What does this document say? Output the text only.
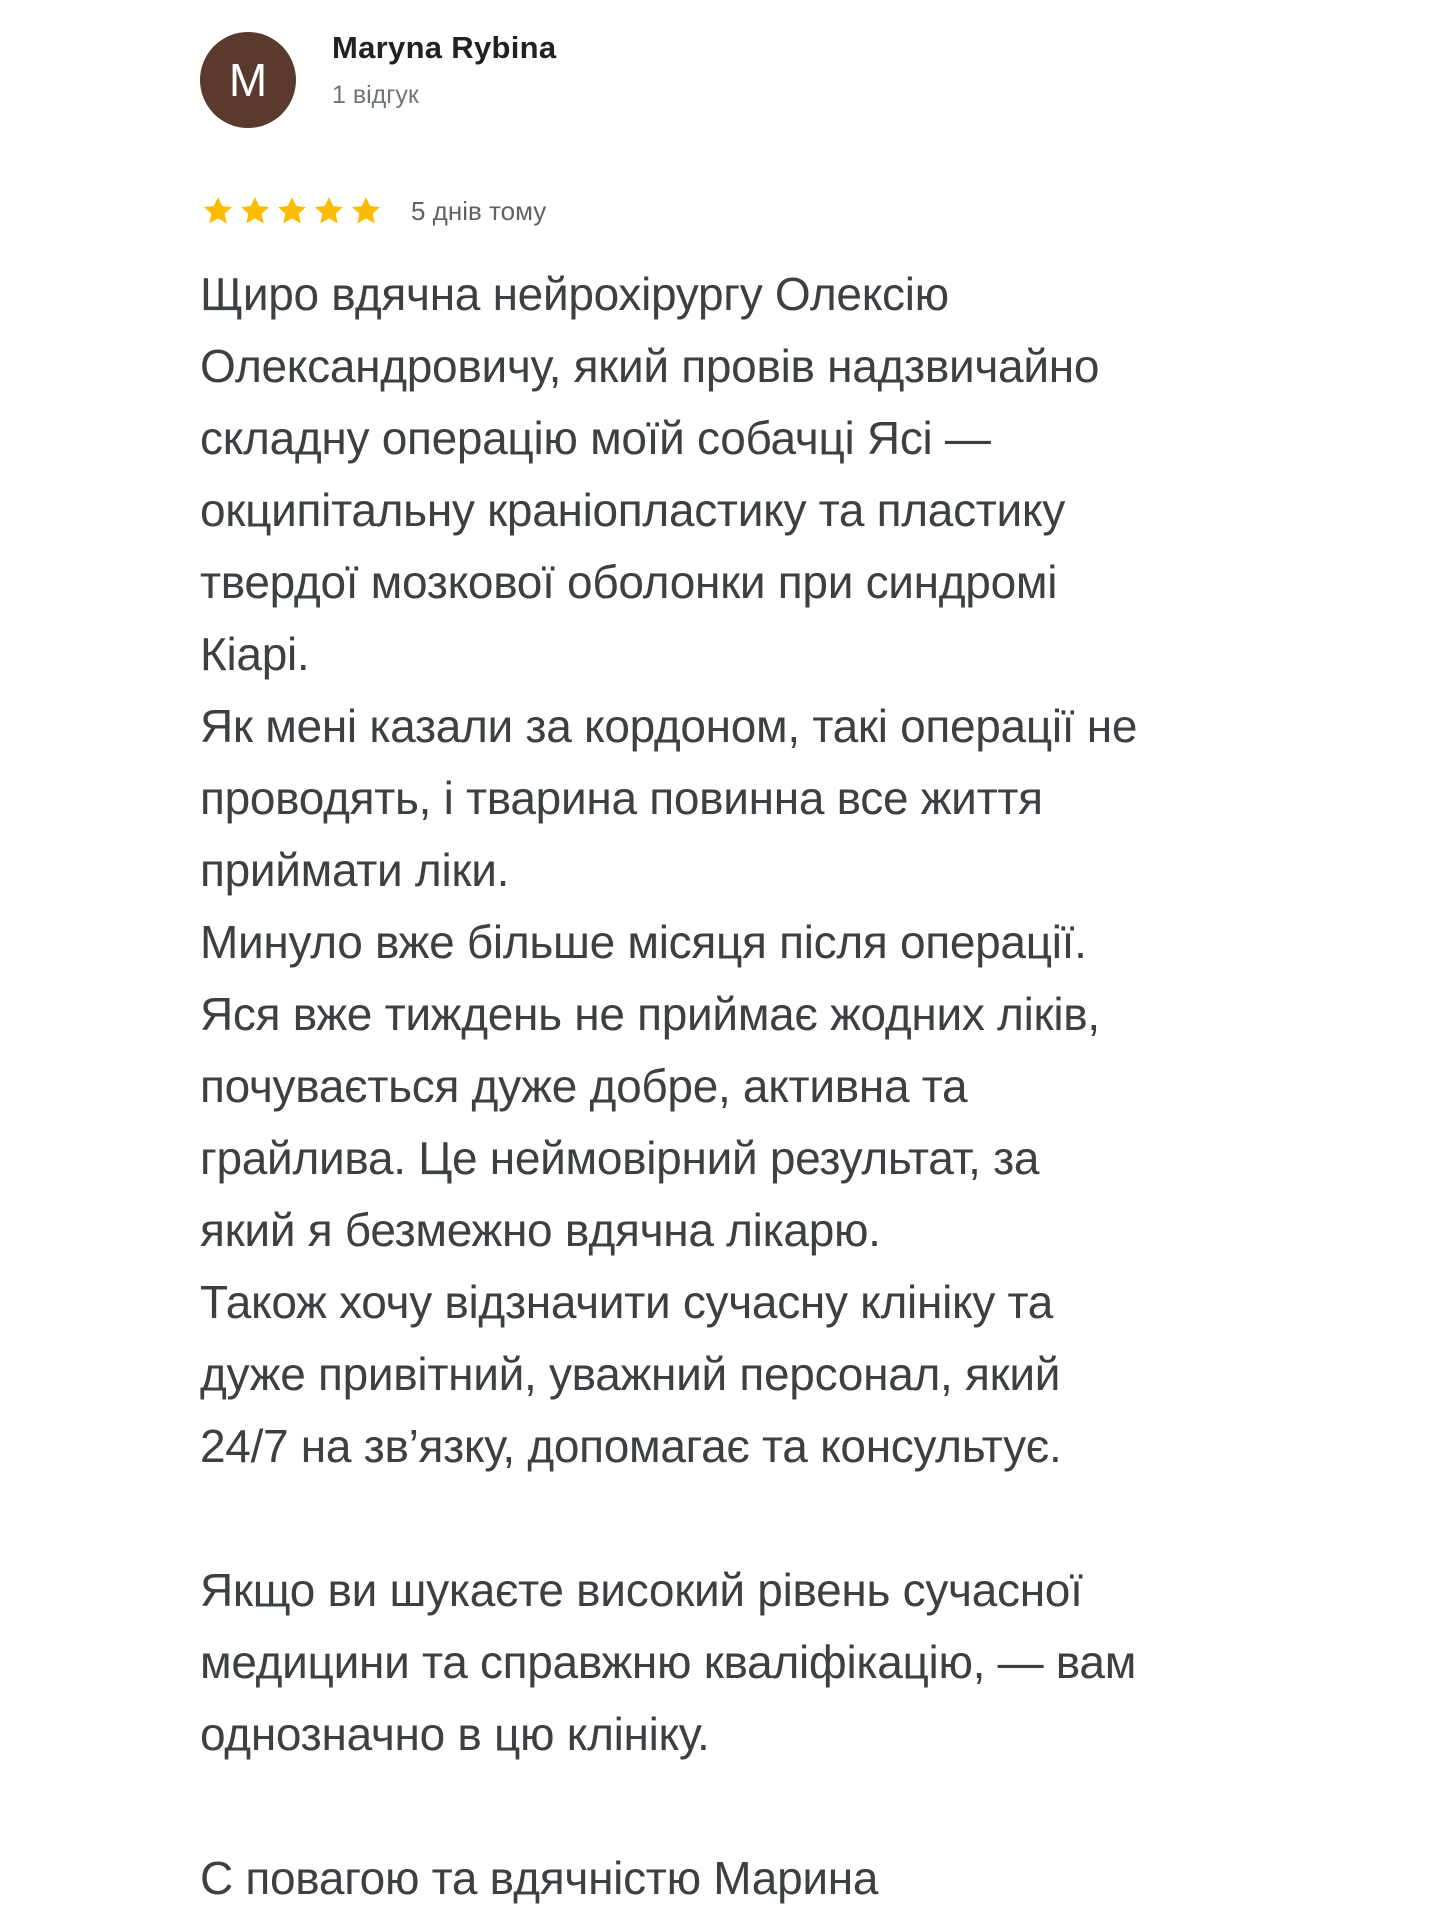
M
Maryna Rybina
1 відгук
5 днів тому

Щиро вдячна нейрохірургу Олексію

Олександровичу, який провів надзвичайно

складну операцію моїй собачці Ясі —

окципітальну краніопластику та пластику

твердої мозкової оболонки при синдромі

Кіарі.

Як мені казали за кордоном, такі операції не

проводять, і тварина повинна все життя

приймати ліки.

Минуло вже більше місяця після операції.

Яся вже тиждень не приймає жодних ліків,

почувається дуже добре, активна та

грайлива. Це неймовірний результат, за

який я безмежно вдячна лікарю.

Також хочу відзначити сучасну клініку та

дуже привітний, уважний персонал, який

24/7 на зв’язку, допомагає та консультує.

Якщо ви шукаєте високий рівень сучасної

медицини та справжню кваліфікацію, — вам

однозначно в цю клініку.

С повагою та вдячністю Марина
